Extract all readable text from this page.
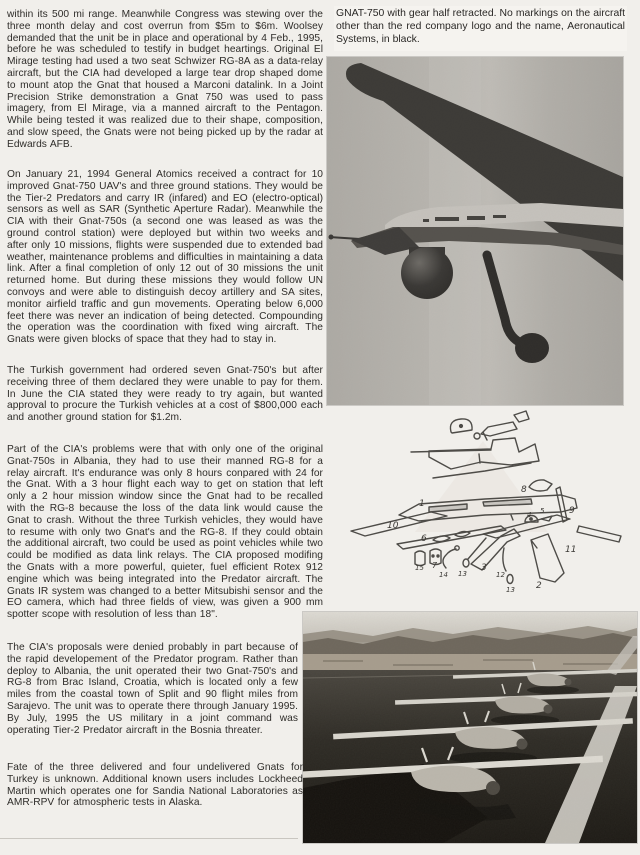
within its 500 mi range. Meanwhile Congress was stewing over the three month delay and cost overrun from $5m to $6m. Woolsey demanded that the unit be in place and operational by 4 Feb., 1995, before he was scheduled to testify in budget heartings. Original El Mirage testing had used a two seat Schwizer RG-8A as a data-relay aircraft, but the CIA had developed a large tear drop shaped dome to mount atop the Gnat that housed a Marconi datalink. In a Joint Precision Strike demonstration a Gnat 750 was used to pass imagery, from El Mirage, via a manned aircraft to the Pentagon. While being tested it was realized due to their shape, composition, and slow speed, the Gnats were not being picked up by the radar at Edwards AFB.
On January 21, 1994 General Atomics received a contract for 10 improved Gnat-750 UAV's and three ground stations. They would be the Tier-2 Predators and carry IR (infared) and EO (electro-optical) sensors as well as SAR (Synthetic Aperture Radar). Meanwhile the CIA with their Gnat-750s (a second one was leased as was the ground control station) were deployed but within two weeks and after only 10 missions, flights were suspended due to extended bad weather, maintenance problems and difficulties in maintaining a data link. After a final completion of only 12 out of 30 missions the unit returned home. But during these missions they would follow UN convoys and were able to distinguish decoy artillery and SA sites, monitor airfield traffic and gun movements. Operating below 6,000 feet there was never an indication of being detected. Compounding the operation was the coordination with fixed wing aircraft. The Gnats were given blocks of space that they had to stay in.
The Turkish government had ordered seven Gnat-750's but after receiving three of them declared they were unable to pay for them. In June the CIA stated they were ready to try again, but wanted approval to procure the Turkish vehicles at a cost of $800,000 each and another ground station for $1.2m.
Part of the CIA's problems were that with only one of the original Gnat-750s in Albania, they had to use their manned RG-8 for a relay aircraft. It's endurance was only 8 hours conpared with 24 for the Gnat. With a 3 hour flight each way to get on station that left only a 2 hour mission window since the Gnat had to be recalled with the RG-8 because the loss of the data link would cause the Gnat to crash. Without the three Turkish vehicles, they would have to resume with only two Gnat's and the RG-8. If they could obtain the additional aircraft, two could be used as point vehicles while two could be modified as data link relays. The CIA proposed modifing the Gnats with a more powerful, quieter, fuel efficient Rotex 912 engine which was being integrated into the Predator aircraft. The Gnats IR system was changed to a better Mitsubishi sensor and the EO camera, which had three fields of view, was given a 900 mm spotter scope with resolution of less than 18".
The CIA's proposals were denied probably in part because of the rapid developement of the Predator program. Rather than deploy to Albania, the unit operated their two Gnat-750's and RG-8 from Brac Island, Croatia, which is located only a few miles from the coastal town of Split and 90 flight miles from Sarajevo. The unit was to operate there through January 1995. By July, 1995 the US military in a joint command was operating Tier-2 Predator aircraft in the Bosnia threater.
Fate of the three delivered and four undelivered Gnats for Turkey is unknown. Additional known users includes Lockheed Martin which operates one for Sandia National Laboratories as AMR-RPV for atmospheric tests in Alaska.
GNAT-750 with gear half retracted. No markings on the aircraft other than the red company logo and the name, Aeronautical Systems, in black.
1
2
3
4 5
6
7
8
9
10
11
12
13
14
15
13
